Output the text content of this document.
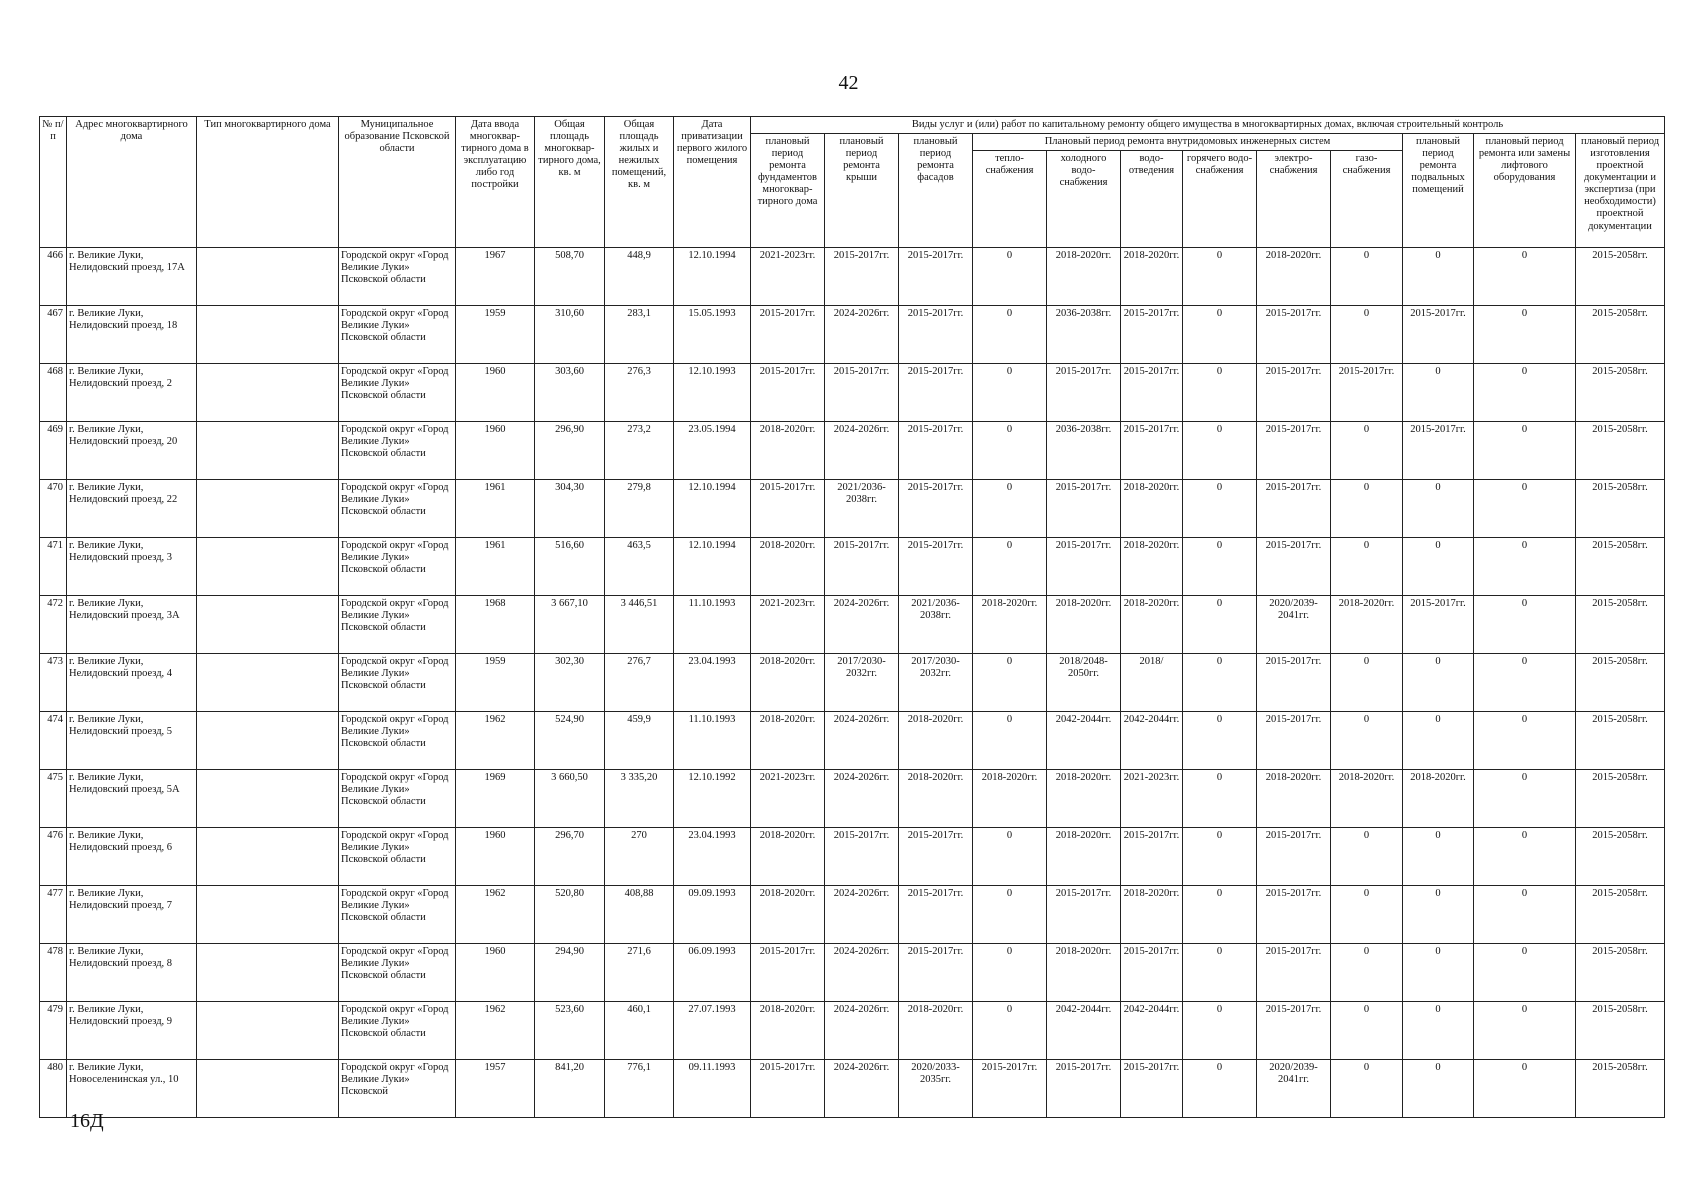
42
№ п/п	Адрес многоквартирного дома	Тип многоквартирного дома	Муниципальное образование Псковской области	Дата ввода многоквар-тирного дома в эксплуатацию либо год постройки	Общая площадь многоквар-тирного дома, кв. м	Общая площадь жилых и нежилых помещений, кв. м	Дата приватизации первого жилого помещения	Виды услуг и (или) работ по капитальному ремонту общего имущества в многоквартирных домах, включая строительный контроль											
								плановый период ремонта фундаментов многоквар-тирного дома	плановый период ремонта крыши	плановый период ремонта фасадов	Плановый период ремонта внутридомовых инженерных систем						плановый период ремонта подвальных помещений	плановый период ремонта или замены лифтового оборудования	плановый период изготовления проектной документации и экспертиза (при необходимости) проектной документации
											тепло-снабжения	холодного водо-снабжения	водо-отведения	горячего водо-снабжения	электро-снабжения	газо-снабжения			
466	г. Великие Луки, Нелидовский проезд, 17А		Городской округ «Город Великие Луки» Псковской области	1967	508,70	448,9	12.10.1994	2021-2023гг.	2015-2017гг.	2015-2017гг.	0	2018-2020гг.	2018-2020гг.	0	2018-2020гг.	0	0	0	2015-2058гг.
467	г. Великие Луки, Нелидовский проезд, 18		Городской округ «Город Великие Луки» Псковской области	1959	310,60	283,1	15.05.1993	2015-2017гг.	2024-2026гг.	2015-2017гг.	0	2036-2038гг.	2015-2017гг.	0	2015-2017гг.	0	2015-2017гг.	0	2015-2058гг.
468	г. Великие Луки, Нелидовский проезд, 2		Городской округ «Город Великие Луки» Псковской области	1960	303,60	276,3	12.10.1993	2015-2017гг.	2015-2017гг.	2015-2017гг.	0	2015-2017гг.	2015-2017гг.	0	2015-2017гг.	2015-2017гг.	0	0	2015-2058гг.
469	г. Великие Луки, Нелидовский проезд, 20		Городской округ «Город Великие Луки» Псковской области	1960	296,90	273,2	23.05.1994	2018-2020гг.	2024-2026гг.	2015-2017гг.	0	2036-2038гг.	2015-2017гг.	0	2015-2017гг.	0	2015-2017гг.	0	2015-2058гг.
470	г. Великие Луки, Нелидовский проезд, 22		Городской округ «Город Великие Луки» Псковской области	1961	304,30	279,8	12.10.1994	2015-2017гг.	2021/2036-2038гг.	2015-2017гг.	0	2015-2017гг.	2018-2020гг.	0	2015-2017гг.	0	0	0	2015-2058гг.
471	г. Великие Луки, Нелидовский проезд, 3		Городской округ «Город Великие Луки» Псковской области	1961	516,60	463,5	12.10.1994	2018-2020гг.	2015-2017гг.	2015-2017гг.	0	2015-2017гг.	2018-2020гг.	0	2015-2017гг.	0	0	0	2015-2058гг.
472	г. Великие Луки, Нелидовский проезд, 3А		Городской округ «Город Великие Луки» Псковской области	1968	3 667,10	3 446,51	11.10.1993	2021-2023гг.	2024-2026гг.	2021/2036-2038гг.	2018-2020гг.	2018-2020гг.	2018-2020гг.	0	2020/2039-2041гг.	2018-2020гг.	2015-2017гг.	0	2015-2058гг.
473	г. Великие Луки, Нелидовский проезд, 4		Городской округ «Город Великие Луки» Псковской области	1959	302,30	276,7	23.04.1993	2018-2020гг.	2017/2030-2032гг.	2017/2030-2032гг.	0	2018/2048-2050гг.	2018/	0	2015-2017гг.	0	0	0	2015-2058гг.
474	г. Великие Луки, Нелидовский проезд, 5		Городской округ «Город Великие Луки» Псковской области	1962	524,90	459,9	11.10.1993	2018-2020гг.	2024-2026гг.	2018-2020гг.	0	2042-2044гг.	2042-2044гг.	0	2015-2017гг.	0	0	0	2015-2058гг.
475	г. Великие Луки, Нелидовский проезд, 5А		Городской округ «Город Великие Луки» Псковской области	1969	3 660,50	3 335,20	12.10.1992	2021-2023гг.	2024-2026гг.	2018-2020гг.	2018-2020гг.	2018-2020гг.	2021-2023гг.	0	2018-2020гг.	2018-2020гг.	2018-2020гг.	0	2015-2058гг.
476	г. Великие Луки, Нелидовский проезд, 6		Городской округ «Город Великие Луки» Псковской области	1960	296,70	270	23.04.1993	2018-2020гг.	2015-2017гг.	2015-2017гг.	0	2018-2020гг.	2015-2017гг.	0	2015-2017гг.	0	0	0	2015-2058гг.
477	г. Великие Луки, Нелидовский проезд, 7		Городской округ «Город Великие Луки» Псковской области	1962	520,80	408,88	09.09.1993	2018-2020гг.	2024-2026гг.	2015-2017гг.	0	2015-2017гг.	2018-2020гг.	0	2015-2017гг.	0	0	0	2015-2058гг.
478	г. Великие Луки, Нелидовский проезд, 8		Городской округ «Город Великие Луки» Псковской области	1960	294,90	271,6	06.09.1993	2015-2017гг.	2024-2026гг.	2015-2017гг.	0	2018-2020гг.	2015-2017гг.	0	2015-2017гг.	0	0	0	2015-2058гг.
479	г. Великие Луки, Нелидовский проезд, 9		Городской округ «Город Великие Луки» Псковской области	1962	523,60	460,1	27.07.1993	2018-2020гг.	2024-2026гг.	2018-2020гг.	0	2042-2044гг.	2042-2044гг.	0	2015-2017гг.	0	0	0	2015-2058гг.
480	г. Великие Луки, Новоселенинская ул., 10		Городской округ «Город Великие Луки» Псковской	1957	841,20	776,1	09.11.1993	2015-2017гг.	2024-2026гг.	2020/2033-2035гг.	2015-2017гг.	2015-2017гг.	2015-2017гг.	0	2020/2039-2041гг.	0	0	0	2015-2058гг.
16Д
